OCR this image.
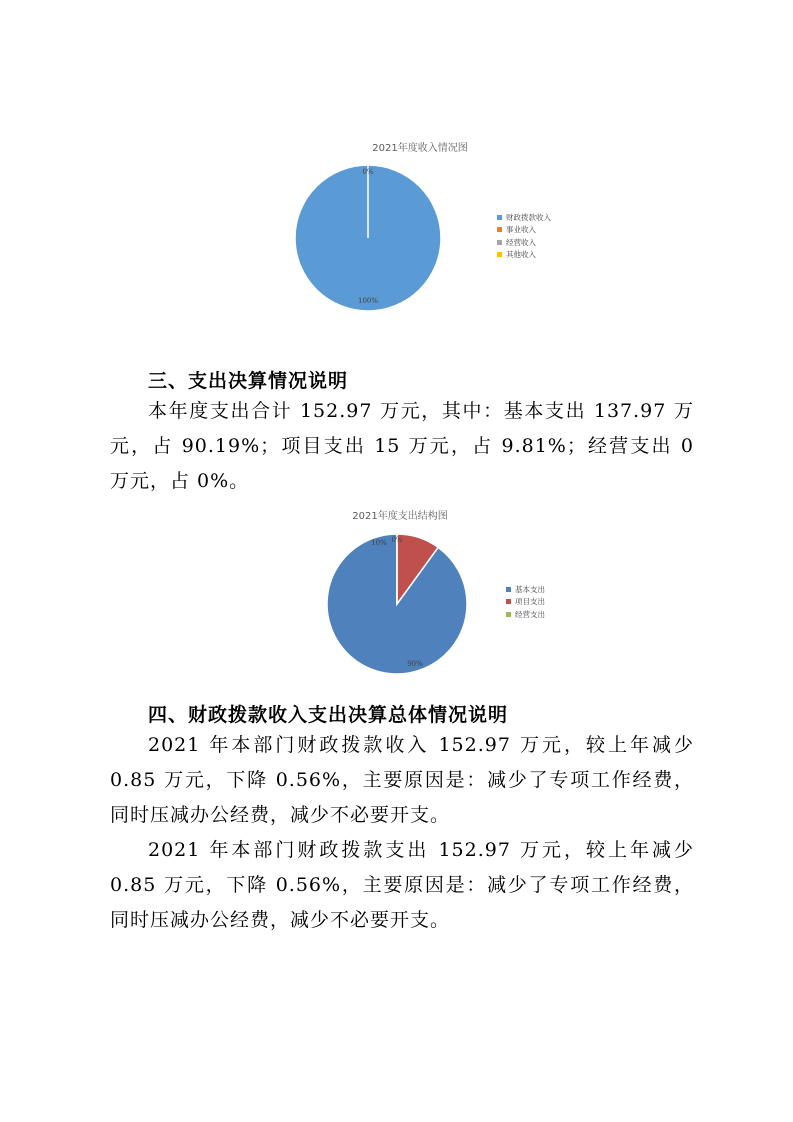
2021年度收入情况图
100%
0%
财政拨款收入
事业收入
经营收入
其他收入
三、支出决算情况说明
本年度支出合计 152.97 万元，其中：基本支出 137.97 万元，占 90.19%；项目支出 15 万元，占 9.81%；经营支出 0 万元，占 0%。
2021年度支出结构图
90%
10% 0%
基本支出
项目支出
经营支出
四、财政拨款收入支出决算总体情况说明
2021 年本部门财政拨款收入 152.97 万元，较上年减少 0.85 万元，下降 0.56%，主要原因是：减少了专项工作经费，同时压减办公经费，减少不必要开支。
2021 年本部门财政拨款支出 152.97 万元，较上年减少 0.85 万元，下降 0.56%，主要原因是：减少了专项工作经费，同时压减办公经费，减少不必要开支。
